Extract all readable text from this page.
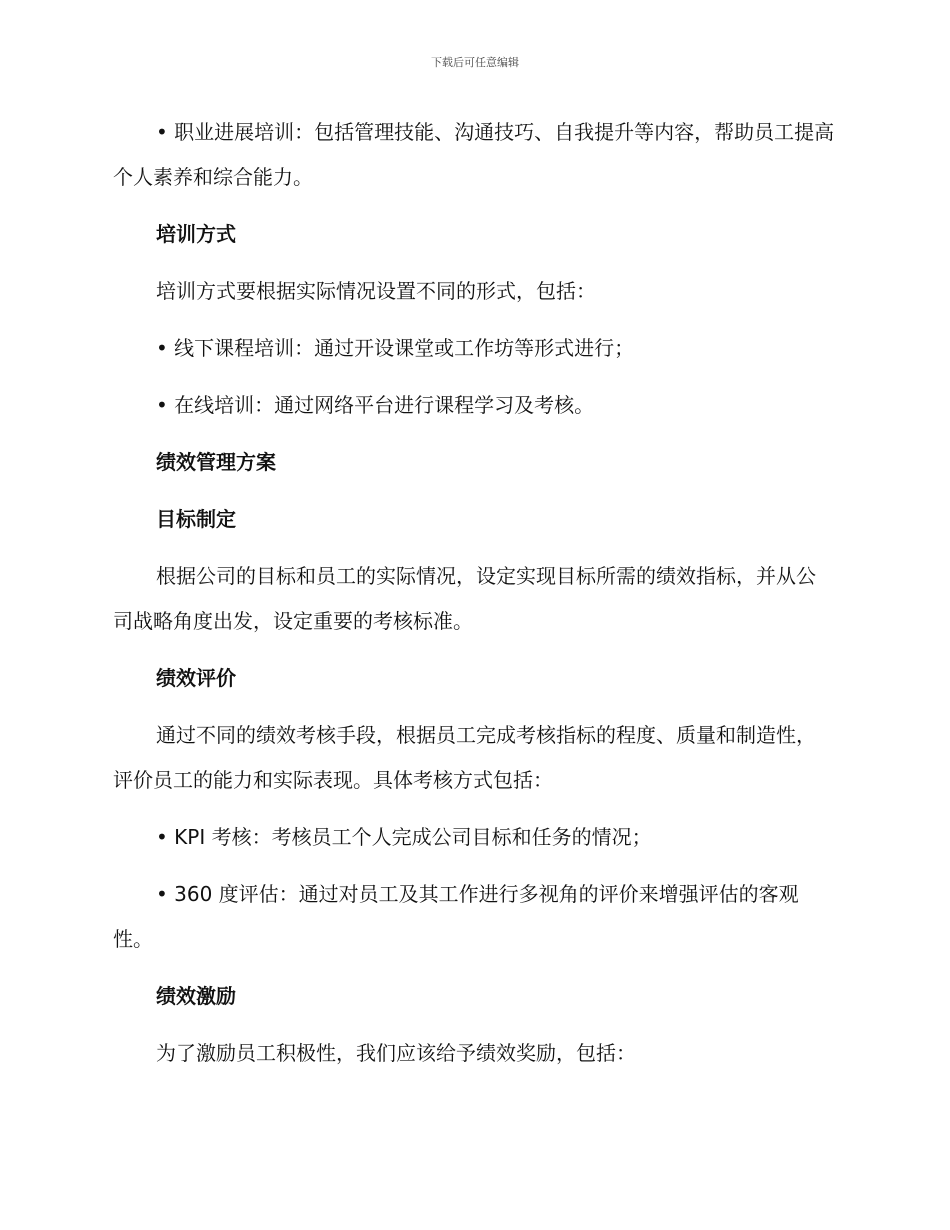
下载后可任意编辑

• 职业进展培训：包括管理技能、沟通技巧、自我提升等内容，帮助员工提高个人素养和综合能力。

培训方式

培训方式要根据实际情况设置不同的形式，包括：

• 线下课程培训：通过开设课堂或工作坊等形式进行；

• 在线培训：通过网络平台进行课程学习及考核。

绩效管理方案

目标制定

根据公司的目标和员工的实际情况，设定实现目标所需的绩效指标，并从公司战略角度出发，设定重要的考核标准。

绩效评价

通过不同的绩效考核手段，根据员工完成考核指标的程度、质量和制造性，评价员工的能力和实际表现。具体考核方式包括：

• KPI 考核：考核员工个人完成公司目标和任务的情况；

• 360 度评估：通过对员工及其工作进行多视角的评价来增强评估的客观性。

绩效激励

为了激励员工积极性，我们应该给予绩效奖励，包括：
